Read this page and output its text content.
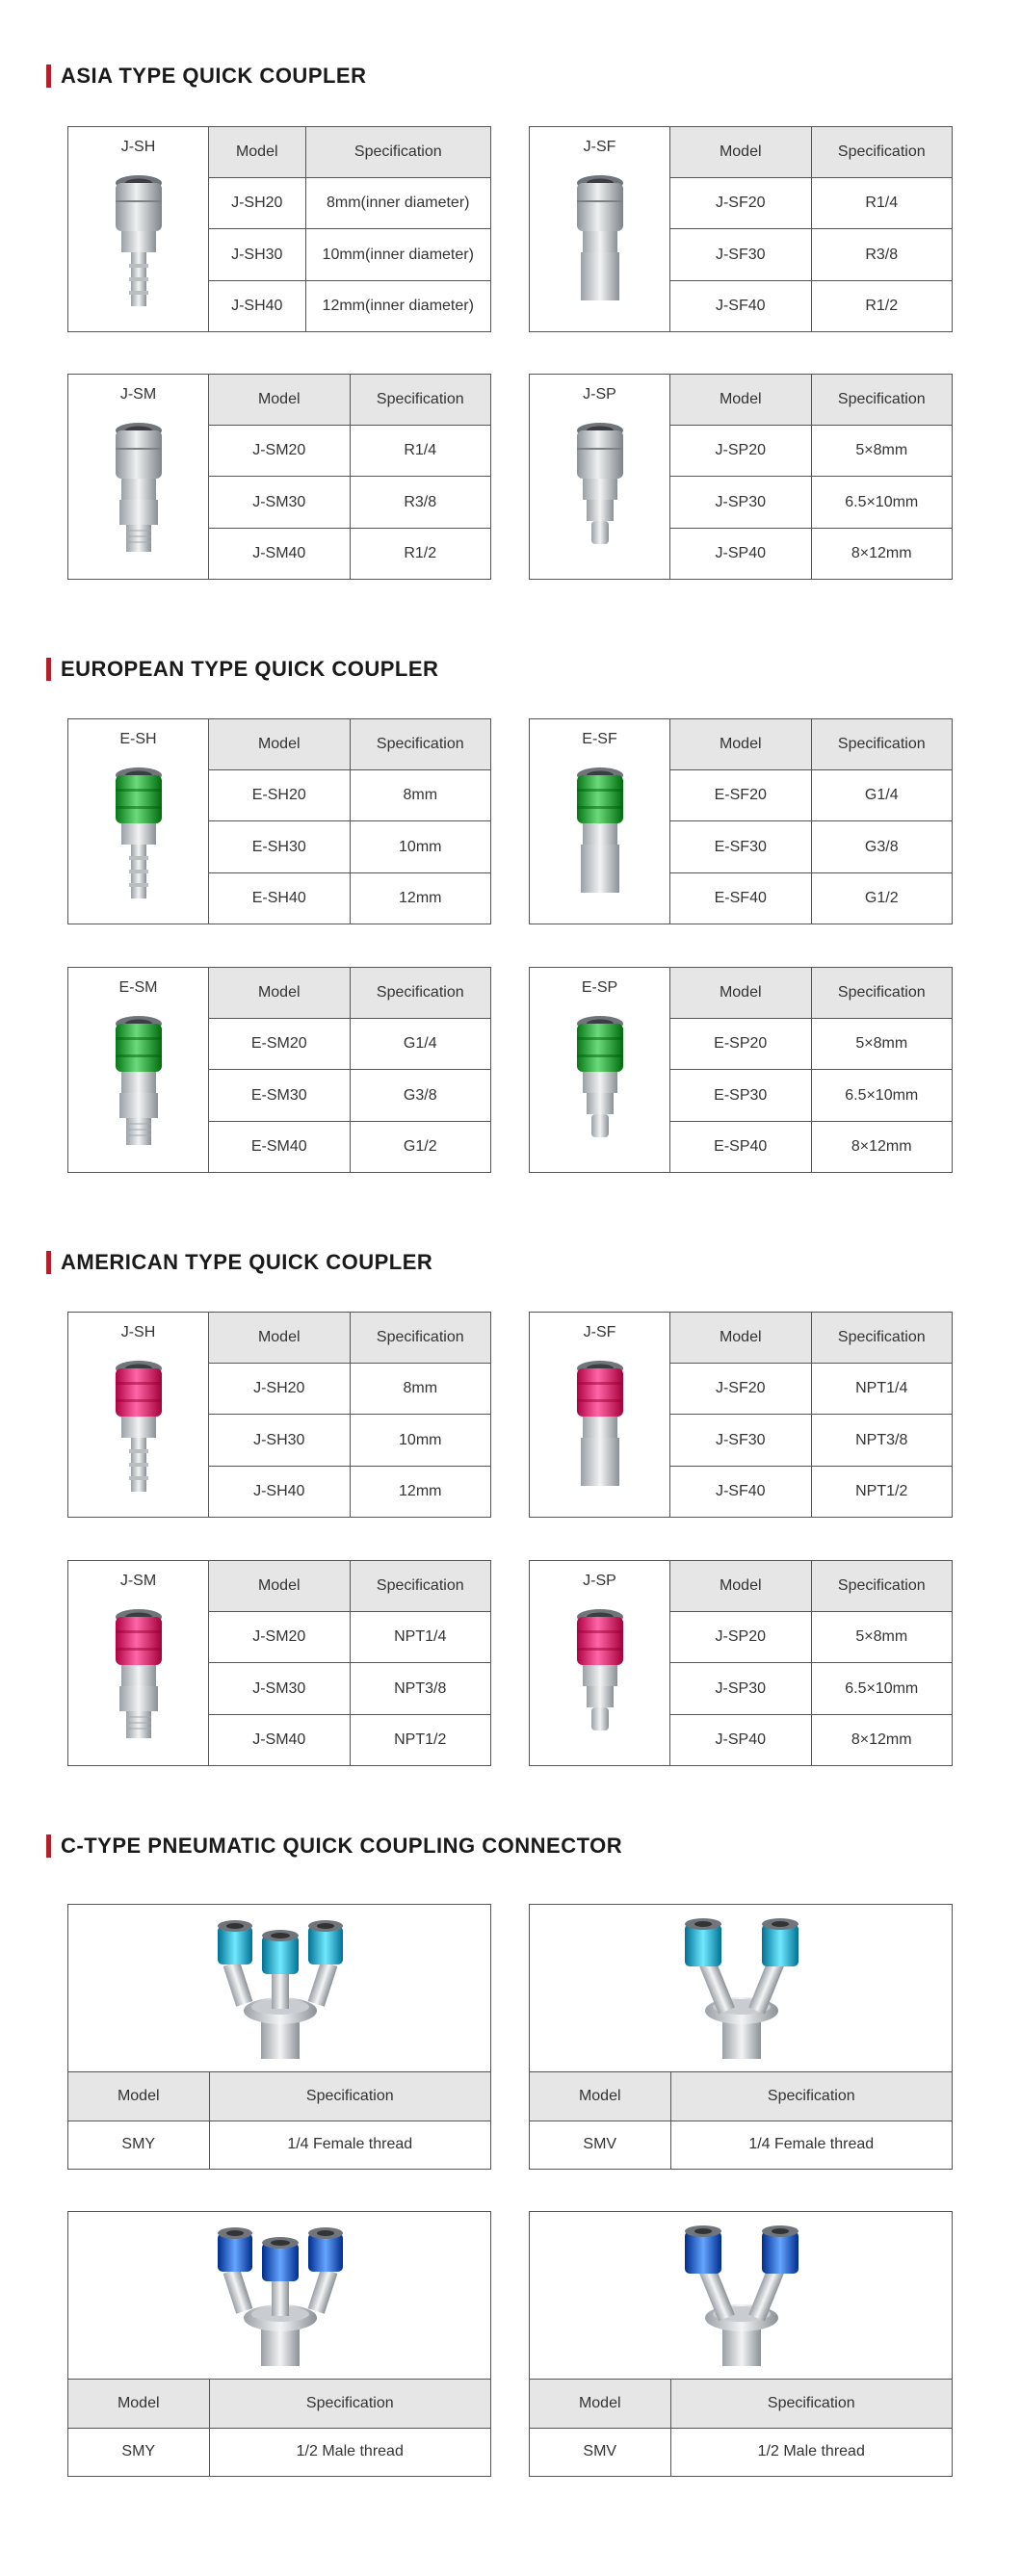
ASIA TYPE QUICK COUPLER
J-SH	Model	Specification
J-SH20	8mm(inner diameter)
J-SH30	10mm(inner diameter)
J-SH40	12mm(inner diameter)
J-SF	Model	Specification
J-SF20	R1/4
J-SF30	R3/8
J-SF40	R1/2
J-SM	Model	Specification
J-SM20	R1/4
J-SM30	R3/8
J-SM40	R1/2
J-SP	Model	Specification
J-SP20	5×8mm
J-SP30	6.5×10mm
J-SP40	8×12mm
EUROPEAN TYPE QUICK COUPLER
E-SH	Model	Specification
E-SH20	8mm
E-SH30	10mm
E-SH40	12mm
E-SF	Model	Specification
E-SF20	G1/4
E-SF30	G3/8
E-SF40	G1/2
E-SM	Model	Specification
E-SM20	G1/4
E-SM30	G3/8
E-SM40	G1/2
E-SP	Model	Specification
E-SP20	5×8mm
E-SP30	6.5×10mm
E-SP40	8×12mm
AMERICAN TYPE QUICK COUPLER
J-SH	Model	Specification
J-SH20	8mm
J-SH30	10mm
J-SH40	12mm
J-SF	Model	Specification
J-SF20	NPT1/4
J-SF30	NPT3/8
J-SF40	NPT1/2
J-SM	Model	Specification
J-SM20	NPT1/4
J-SM30	NPT3/8
J-SM40	NPT1/2
J-SP	Model	Specification
J-SP20	5×8mm
J-SP30	6.5×10mm
J-SP40	8×12mm
C-TYPE PNEUMATIC QUICK COUPLING CONNECTOR
Model	Specification
SMY	1/4 Female thread
Model	Specification
SMV	1/4 Female thread
Model	Specification
SMY	1/2 Male thread
Model	Specification
SMV	1/2 Male thread
